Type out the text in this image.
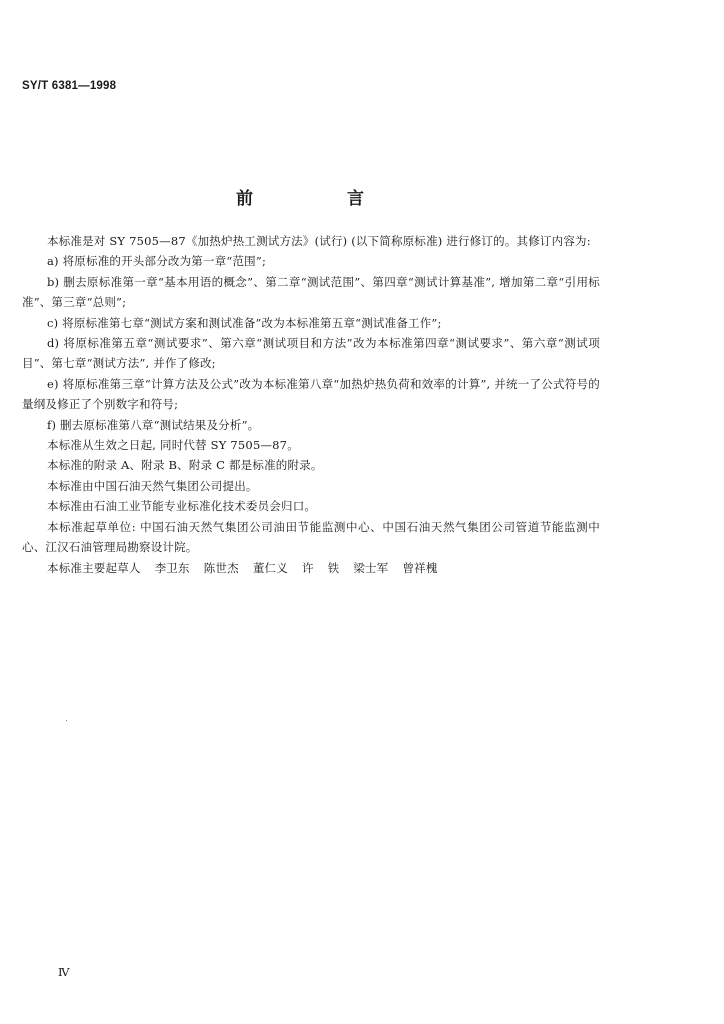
SY/T 6381—1998
前 言

本标准是对 SY 7505—87《加热炉热工测试方法》(试行) (以下简称原标准) 进行修订的。其修订内容为:

a) 将原标准的开头部分改为第一章“范围”;

b) 删去原标准第一章“基本用语的概念”、第二章“测试范围”、第四章“测试计算基准”, 增加第二章“引用标准”、第三章“总则”;

c) 将原标准第七章“测试方案和测试准备”改为本标准第五章“测试准备工作”;

d) 将原标准第五章“测试要求”、第六章“测试项目和方法”改为本标准第四章“测试要求”、第六章“测试项目”、第七章“测试方法”, 并作了修改;

e) 将原标准第三章“计算方法及公式”改为本标准第八章“加热炉热负荷和效率的计算”, 并统一了公式符号的量纲及修正了个别数字和符号;

f) 删去原标准第八章“测试结果及分析”。

本标准从生效之日起, 同时代替 SY 7505—87。

本标准的附录 A、附录 B、附录 C 都是标准的附录。

本标准由中国石油天然气集团公司提出。

本标准由石油工业节能专业标准化技术委员会归口。

本标准起草单位: 中国石油天然气集团公司油田节能监测中心、中国石油天然气集团公司管道节能监测中心、江汉石油管理局勘察设计院。

本标准主要起草人 李卫东 陈世杰 董仁义 许 铁 梁士军 曾祥槐

Ⅳ
